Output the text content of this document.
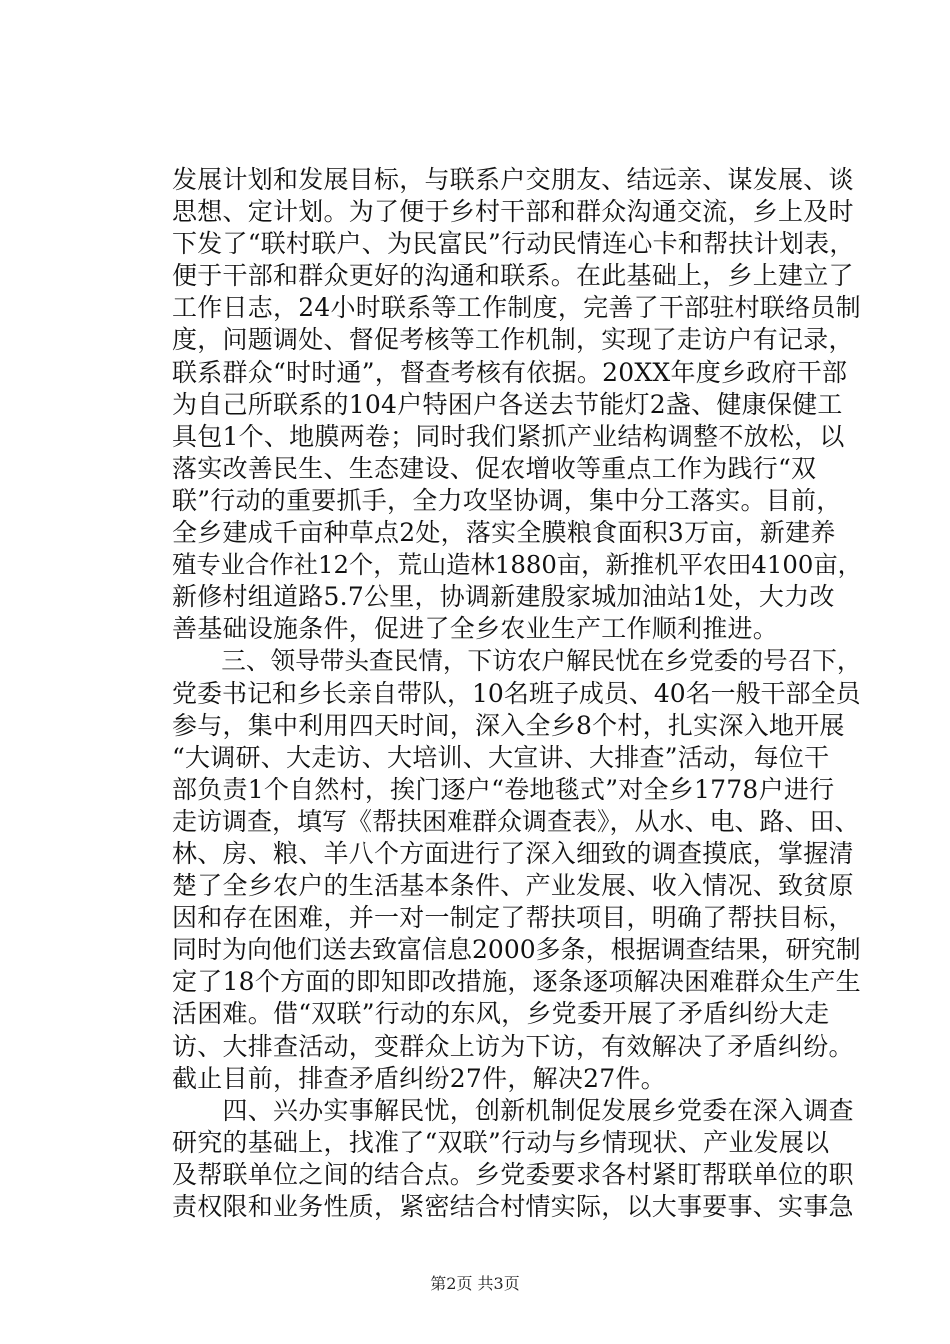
发展计划和发展目标，与联系户交朋友、结远亲、谋发展、谈
思想、定计划。为了便于乡村干部和群众沟通交流，乡上及时
下发了“联村联户、为民富民”行动民情连心卡和帮扶计划表，
便于干部和群众更好的沟通和联系。在此基础上，乡上建立了
工作日志，24小时联系等工作制度，完善了干部驻村联络员制
度，问题调处、督促考核等工作机制，实现了走访户有记录，
联系群众“时时通”，督查考核有依据。20XX年度乡政府干部
为自己所联系的104户特困户各送去节能灯2盏、健康保健工
具包1个、地膜两卷；同时我们紧抓产业结构调整不放松，以
落实改善民生、生态建设、促农增收等重点工作为践行“双
联”行动的重要抓手，全力攻坚协调，集中分工落实。目前，
全乡建成千亩种草点2处，落实全膜粮食面积3万亩，新建养
殖专业合作社12个，荒山造林1880亩，新推机平农田4100亩，
新修村组道路5.7公里，协调新建殷家城加油站1处，大力改
善基础设施条件，促进了全乡农业生产工作顺利推进。
　　三、领导带头查民情，下访农户解民忧在乡党委的号召下，
党委书记和乡长亲自带队，10名班子成员、40名一般干部全员
参与，集中利用四天时间，深入全乡8个村，扎实深入地开展
“大调研、大走访、大培训、大宣讲、大排查”活动，每位干
部负责1个自然村，挨门逐户“卷地毯式”对全乡1778户进行
走访调查，填写《帮扶困难群众调查表》，从水、电、路、田、
林、房、粮、羊八个方面进行了深入细致的调查摸底，掌握清
楚了全乡农户的生活基本条件、产业发展、收入情况、致贫原
因和存在困难，并一对一制定了帮扶项目，明确了帮扶目标，
同时为向他们送去致富信息2000多条，根据调查结果，研究制
定了18个方面的即知即改措施，逐条逐项解决困难群众生产生
活困难。借“双联”行动的东风，乡党委开展了矛盾纠纷大走
访、大排查活动，变群众上访为下访，有效解决了矛盾纠纷。
截止目前，排查矛盾纠纷27件，解决27件。
　　四、兴办实事解民忧，创新机制促发展乡党委在深入调查
研究的基础上，找准了“双联”行动与乡情现状、产业发展以
及帮联单位之间的结合点。乡党委要求各村紧盯帮联单位的职
责权限和业务性质，紧密结合村情实际，以大事要事、实事急
第2页 共3页
